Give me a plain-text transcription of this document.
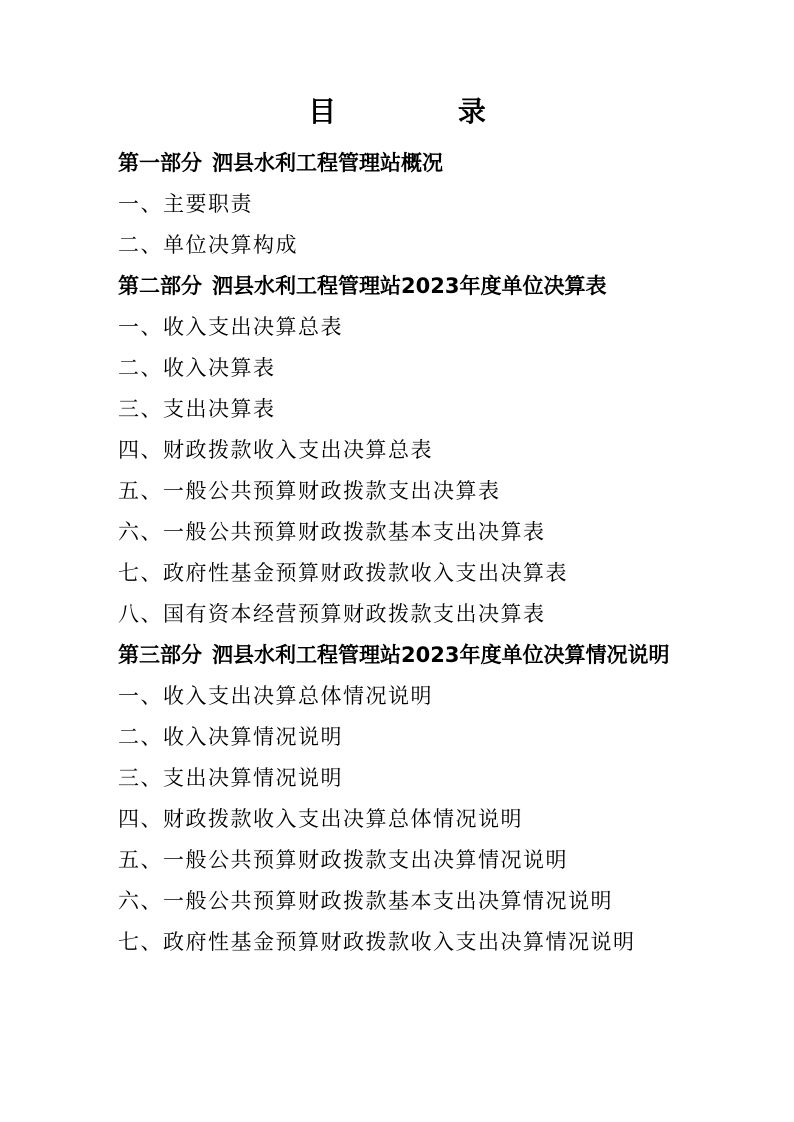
目 录

第一部分 泗县水利工程管理站概况

一、主要职责

二、单位决算构成

第二部分 泗县水利工程管理站2023年度单位决算表

一、收入支出决算总表

二、收入决算表

三、支出决算表

四、财政拨款收入支出决算总表

五、一般公共预算财政拨款支出决算表

六、一般公共预算财政拨款基本支出决算表

七、政府性基金预算财政拨款收入支出决算表

八、国有资本经营预算财政拨款支出决算表

第三部分 泗县水利工程管理站2023年度单位决算情况说明

一、收入支出决算总体情况说明

二、收入决算情况说明

三、支出决算情况说明

四、财政拨款收入支出决算总体情况说明

五、一般公共预算财政拨款支出决算情况说明

六、一般公共预算财政拨款基本支出决算情况说明

七、政府性基金预算财政拨款收入支出决算情况说明
